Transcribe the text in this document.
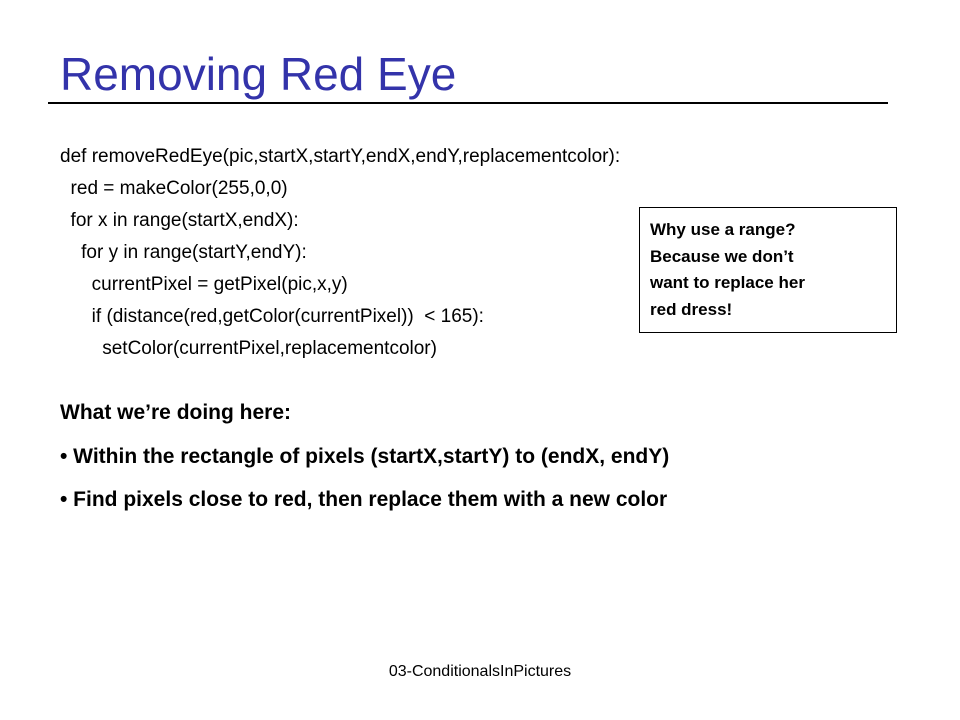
Removing Red Eye
def removeRedEye(pic,startX,startY,endX,endY,replacementcolor):
red = makeColor(255,0,0)
for x in range(startX,endX):
for y in range(startY,endY):
currentPixel = getPixel(pic,x,y)
if (distance(red,getColor(currentPixel))  < 165):
setColor(currentPixel,replacementcolor)
Why use a range?
Because we don’t
want to replace her
red dress!
What we’re doing here:
• Within the rectangle of pixels (startX,startY) to (endX, endY)
• Find pixels close to red, then replace them with a new color
03-ConditionalsInPictures
